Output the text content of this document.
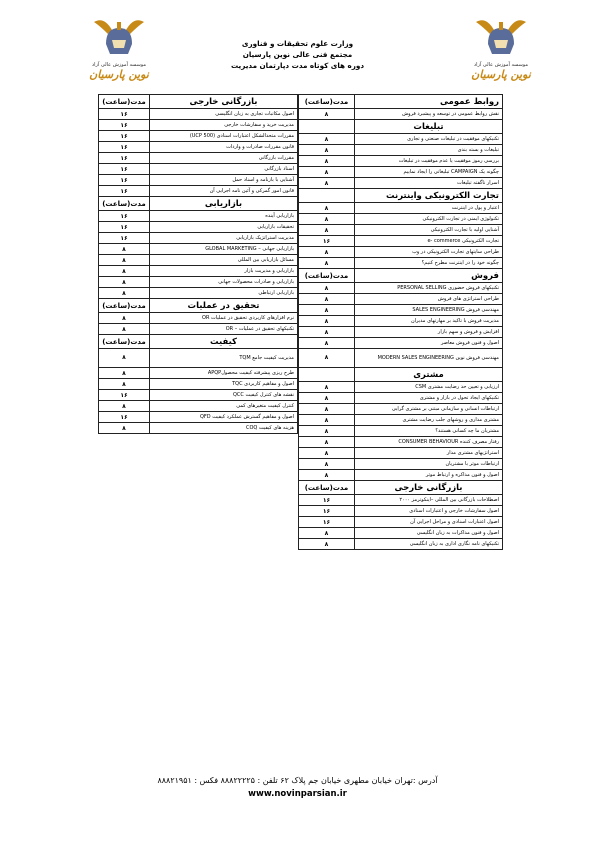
موسسه آموزش عالی آزاد
نوین پارسیان
موسسه آموزش عالی آزاد
نوین پارسیان
وزارت علوم تحقیقات و فناوری
مجتمع فنی عالی نوین پارسیان
دوره های کوتاه مدت دپارتمان مدیریت
روابط عمومی	مدت(ساعت)
نقش روابط عمومی در توسعه و پیشبرد فروش	۸
تبلیغات	
تکنیکهای موفقیت در تبلیغات صنعتی و تجاری	۸
تبلیغات و بسته بندی	۸
بررسی رموز موفقیت یا عدم موفقیت در تبلیغات	۸
چگونه یک CAMPAIGN تبلیغاتی را ایجاد نماییم	۸
اسرار ناگفته تبلیغات	۸
تجارت الکترونیکی واینترنت	
اعتبار و پول در اینترنت	۸
تکنولوژی ایمنی در تجارت الکترونیکی	۸
آشنایی اولیه با تجارت الکترونیکی	۸
تجارت الکترونیکی e- commerce	۱۶
طراحی سایتهای تجارت الکترونیکی در وب	۸
چگونه خود را در اینترنت مطرح کنیم؟	۸
فروش	مدت(ساعت)
تکنیکهای فروش حضوری PERSONAL SELLING	۸
طراحی استراتژی های فروش	۸
مهندسی فروش SALES ENGINEERING	۸
مدیریت فروش با تاکید بر مهارتهای مدیران	۸
افزایش و فروش و سهم بازار	۸
اصول و فنون فروش معاصر	۸
مهندسی فروش نوین MODERN SALES ENGINEERING	۸
مشتری	
ارزیابی و تعیین حد رضایت مشتری CSM	۸
تکنیکهای ایجاد تحول در بازار و مشتری	۸
ارتباطات انسانی و سازمانی مبتنی بر مشتری گرایی	۸
مشتری مداری و روشهای جلب رضایت مشتری	۸
مشتریان ما چه کسانی هستند؟	۸
رفتار مصرف کننده CONSUMER BEHAVIOUR	۸
استراتژیهای مشتری مدار	۸
ارتباطات موثر با مشتریان	۸
اصول و فنون مذاکره و ارتباط موثر	۸
بازرگانی خارجی	مدت(ساعت)
اصطلاحات بازرگانی بین المللی –اینکوترمز ۲۰۰۰	۱۶
اصول سفارشات خارجی و اعتبارات اسنادی	۱۶
اصول اعتبارات اسنادی و مراحل اجرایی آن	۱۶
اصول و فنون مذاکرات به زبان انگلیسی	۸
تکنیکهای نامه نگاری اداری به زبان انگلیسی	۸
بازرگانی خارجی	مدت(ساعت)
اصول مکاتبات تجاری به زبان انگلیسی	۱۶
مدیریت خرید و سفارشات خارجی	۱۶
مقررات متحدالشکل اعتبارات اسنادی (UCP 500)	۱۶
قانون مقررات صادرات و واردات	۱۶
مقررات بازرگانی	۱۶
اسناد بازرگانی	۱۶
آشنایی با بازنامه و اسناد حمل	۱۶
قانون امور گمرکی و آئین نامه اجرایی آن	۱۶
بازاریابی	مدت(ساعت)
بازاریابی آینده	۱۶
تحقیقات بازاریابی	۱۶
مدیریت استراتژیک بازاریابی	۱۶
بازاریابی جهانی – GLOBAL MARKETING	۸
مسائل بازاریابی بین المللی	۸
بازاریابی و مدیریت بازار	۸
بازاریابی و صادرات محصولات جهانی	۸
بازاریابی ارتباطی	۸
تحقیق در عملیات	مدت(ساعت)
نرم افزارهای کاربردی تحقیق در عملیات OR	۸
تکنیکهای تحقیق در عملیات – OR	۸
کیفیت	مدت(ساعت)
مدیریت کیفیت جامع TQM	۸
طرح ریزی پیشرفته کیفیت محصولAPQP	۸
اصول و مفاهیم کاربردی TQC	۸
نقشه های کنترل کیفیت QCC	۱۶
کنترل کیفیت متغیرهای کمی	۸
اصول و مفاهیم گسترش عملکرد کیفیت QFD	۱۶
هزینه های کیفیت COQ	۸
آدرس :تهران خیابان مطهری خیابان جم پلاک ۶۲ تلفن : ۸۸۸۲۲۲۲۵ فکس : ۸۸۸۲۱۹۵۱
www.novinparsian.ir
